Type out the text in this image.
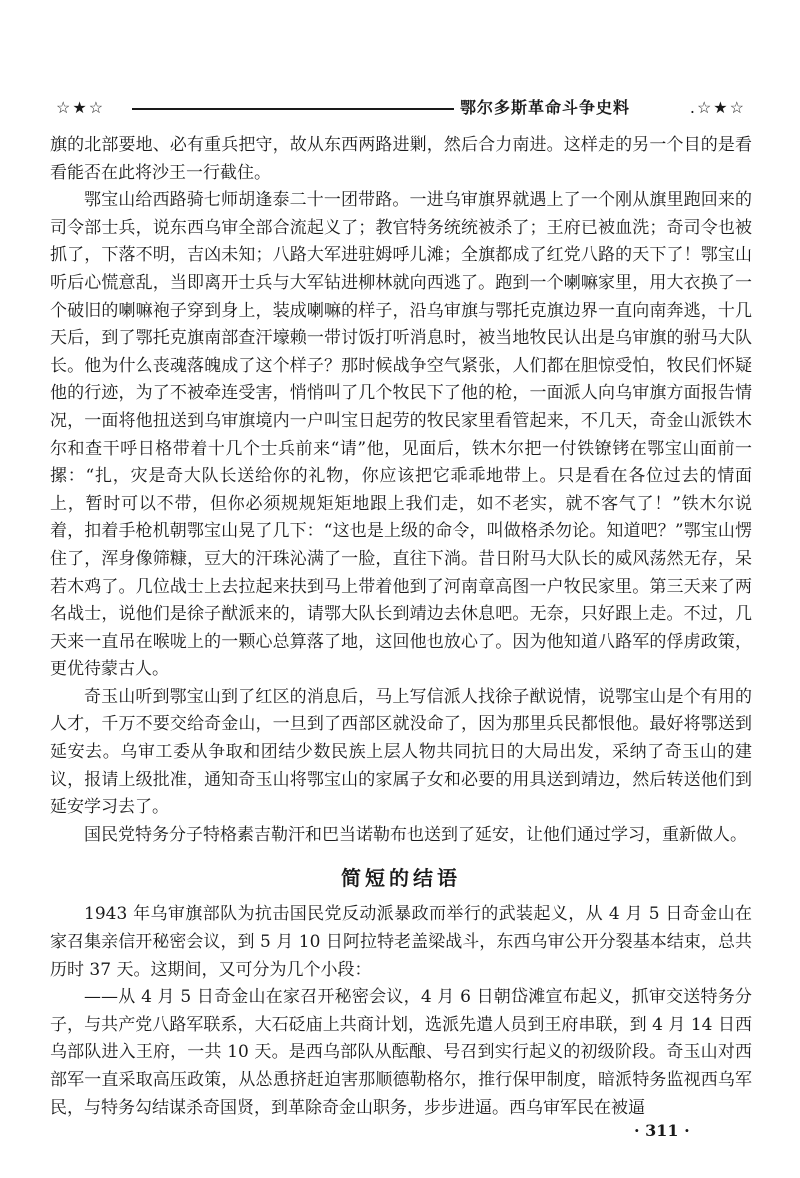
☆★☆	鄂尔多斯革命斗争史料	.☆★☆

旗的北部要地、必有重兵把守，故从东西两路进剿，然后合力南进。这样走的另一个目的是看看能否在此将沙王一行截住。

鄂宝山给西路骑七师胡逢泰二十一团带路。一进乌审旗界就遇上了一个刚从旗里跑回来的司令部士兵，说东西乌审全部合流起义了；教官特务统统被杀了；王府已被血洗；奇司令也被抓了，下落不明，吉凶未知；八路大军进驻姆呼儿滩；全旗都成了红党八路的天下了！鄂宝山听后心慌意乱，当即离开士兵与大军钻进柳林就向西逃了。跑到一个喇嘛家里，用大衣换了一个破旧的喇嘛袍子穿到身上，装成喇嘛的样子，沿乌审旗与鄂托克旗边界一直向南奔逃，十几天后，到了鄂托克旗南部查汗壕赖一带讨饭打听消息时，被当地牧民认出是乌审旗的驸马大队长。他为什么丧魂落魄成了这个样子？那时候战争空气紧张，人们都在胆惊受怕，牧民们怀疑他的行迹，为了不被牵连受害，悄悄叫了几个牧民下了他的枪，一面派人向乌审旗方面报告情况，一面将他扭送到乌审旗境内一户叫宝日起劳的牧民家里看管起来，不几天，奇金山派铁木尔和查干呼日格带着十几个士兵前来“请”他，见面后，铁木尔把一付铁镣铐在鄂宝山面前一摞：“扎，灾是奇大队长送给你的礼物，你应该把它乖乖地带上。只是看在各位过去的情面上，暂时可以不带，但你必须规规矩矩地跟上我们走，如不老实，就不客气了！”铁木尔说着，扣着手枪机朝鄂宝山晃了几下：“这也是上级的命令，叫做格杀勿论。知道吧？”鄂宝山愣住了，浑身像筛糠，豆大的汗珠沁满了一脸，直往下淌。昔日附马大队长的威风荡然无存，呆若木鸡了。几位战士上去拉起来扶到马上带着他到了河南章高图一户牧民家里。第三天来了两名战士，说他们是徐子猷派来的，请鄂大队长到靖边去休息吧。无奈，只好跟上走。不过，几天来一直吊在喉咙上的一颗心总算落了地，这回他也放心了。因为他知道八路军的俘虏政策，更优待蒙古人。

奇玉山听到鄂宝山到了红区的消息后，马上写信派人找徐子猷说情，说鄂宝山是个有用的人才，千万不要交给奇金山，一旦到了西部区就没命了，因为那里兵民都恨他。最好将鄂送到延安去。乌审工委从争取和团结少数民族上层人物共同抗日的大局出发，采纳了奇玉山的建议，报请上级批准，通知奇玉山将鄂宝山的家属子女和必要的用具送到靖边，然后转送他们到延安学习去了。

国民党特务分子特格素吉勒汗和巴当诺勒布也送到了延安，让他们通过学习，重新做人。

简短的结语

1943 年乌审旗部队为抗击国民党反动派暴政而举行的武装起义，从 4 月 5 日奇金山在家召集亲信开秘密会议，到 5 月 10 日阿拉特老盖梁战斗，东西乌审公开分裂基本结束，总共历时 37 天。这期间，又可分为几个小段：

——从 4 月 5 日奇金山在家召开秘密会议，4 月 6 日朝岱滩宣布起义，抓审交送特务分子，与共产党八路军联系，大石砭庙上共商计划，选派先遣人员到王府串联，到 4 月 14 日西乌部队进入王府，一共 10 天。是西乌部队从酝酿、号召到实行起义的初级阶段。奇玉山对西部军一直采取高压政策，从怂恿挤赶迫害那顺德勒格尔，推行保甲制度，暗派特务监视西乌军民，与特务勾结谋杀奇国贤，到革除奇金山职务，步步进逼。西乌审军民在被逼

· 311 ·
